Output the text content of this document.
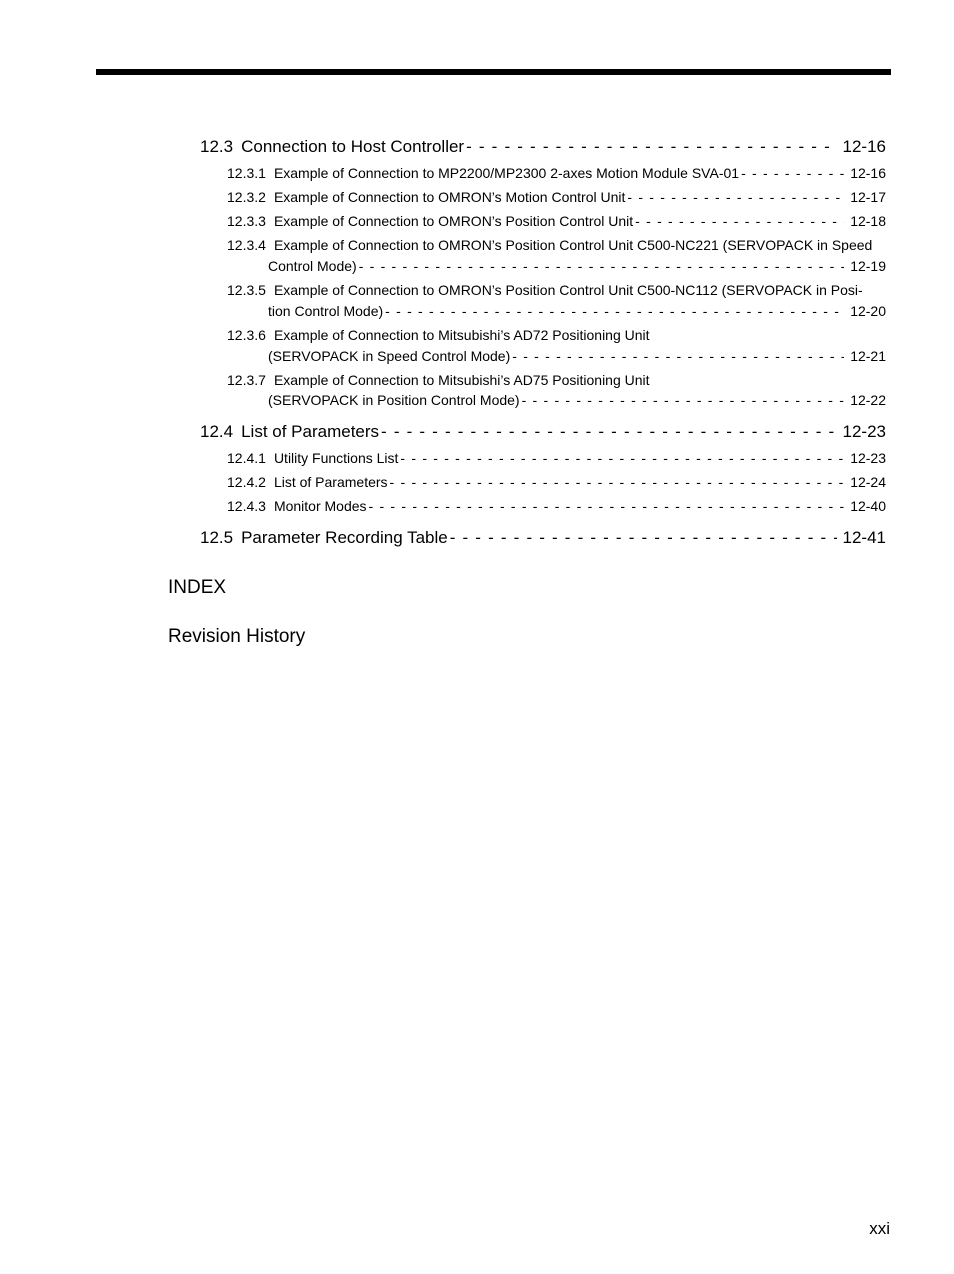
12.3 Connection to Host Controller - - -	12-16
12.3.1 Example of Connection to MP2200/MP2300 2-axes Motion Module SVA-01 - - -	12-16
12.3.2 Example of Connection to OMRON’s Motion Control Unit - - -	12-17
12.3.3 Example of Connection to OMRON’s Position Control Unit - - -	12-18
12.3.4 Example of Connection to OMRON’s Position Control Unit C500-NC221 (SERVOPACK in Speed
Control Mode) - - -	12-19
12.3.5 Example of Connection to OMRON’s Position Control Unit C500-NC112 (SERVOPACK in Posi-
tion Control Mode) - - -	12-20
12.3.6 Example of Connection to Mitsubishi’s AD72 Positioning Unit
(SERVOPACK in Speed Control Mode) - - -	12-21
12.3.7 Example of Connection to Mitsubishi’s AD75 Positioning Unit
(SERVOPACK in Position Control Mode) - - -	12-22
12.4 List of Parameters - - -	12-23
12.4.1 Utility Functions List - - -	12-23
12.4.2 List of Parameters - - -	12-24
12.4.3 Monitor Modes - - -	12-40
12.5 Parameter Recording Table - - -	12-41
INDEX
Revision History
xxi
